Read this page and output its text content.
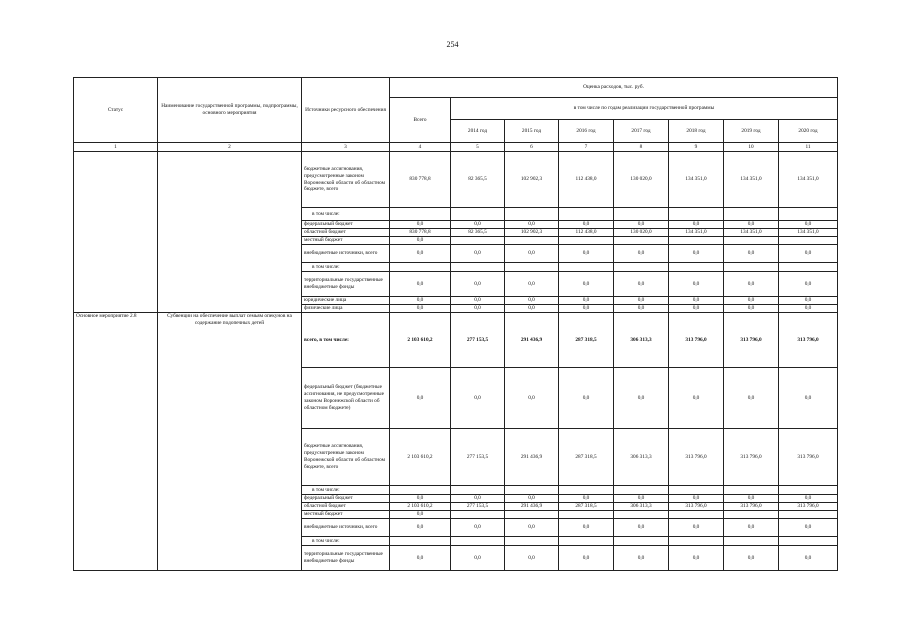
254
Статус	Наименование государственной программы, подпрограммы, основного мероприятия	Источники ресурсного обеспечения	Оценка расходов, тыс. руб.							
			Всего	в том числе по годам реализации государственной программы						
				2014 год	2015 год	2016 год	2017 год	2018 год	2019 год	2020 год
1	2	3	4	5	6	7	8	9	10	11
		бюджетные ассигнования, предусмотренные законом Воронежской области об областном бюджете, всего	830 778,8	82 365,5	102 902,3	112 438,0	130 020,0	134 351,0	134 351,0	134 351,0
		в том числе:								
		федеральный бюджет	0,0	0,0	0,0	0,0	0,0	0,0	0,0	0,0
		областной бюджет	830 778,8	82 365,5	102 902,3	112 438,0	130 020,0	134 351,0	134 351,0	134 351,0
		местный бюджет	0,0							
		внебюджетные источники, всего	0,0	0,0	0,0	0,0	0,0	0,0	0,0	0,0
		в том числе:								
		территориальные государственные внебюджетные фонды	0,0	0,0	0,0	0,0	0,0	0,0	0,0	0,0
		юридические лица	0,0	0,0	0,0	0,0	0,0	0,0	0,0	0,0
		физические лица	0,0	0,0	0,0	0,0	0,0	0,0	0,0	0,0
Основное мероприятие 2.8	Субвенции на обеспечение выплат семьям опекунов на содержание подопечных детей	всего, в том числе:	2 103 610,2	277 153,5	291 436,9	287 318,5	306 313,3	313 796,0	313 796,0	313 796,0
		федеральный бюджет (бюджетные ассигнования, не предусмотренные законом Воронежской области об областном бюджете)	0,0	0,0	0,0	0,0	0,0	0,0	0,0	0,0
		бюджетные ассигнования, предусмотренные законом Воронежской области об областном бюджете, всего	2 103 610,2	277 153,5	291 436,9	287 318,5	306 313,3	313 796,0	313 796,0	313 796,0
		в том числе:								
		федеральный бюджет	0,0	0,0	0,0	0,0	0,0	0,0	0,0	0,0
		областной бюджет	2 103 610,2	277 153,5	291 436,9	287 318,5	306 313,3	313 796,0	313 796,0	313 796,0
		местный бюджет	0,0							
		внебюджетные источники, всего	0,0	0,0	0,0	0,0	0,0	0,0	0,0	0,0
		в том числе:								
		территориальные государственные внебюджетные фонды	0,0	0,0	0,0	0,0	0,0	0,0	0,0	0,0
